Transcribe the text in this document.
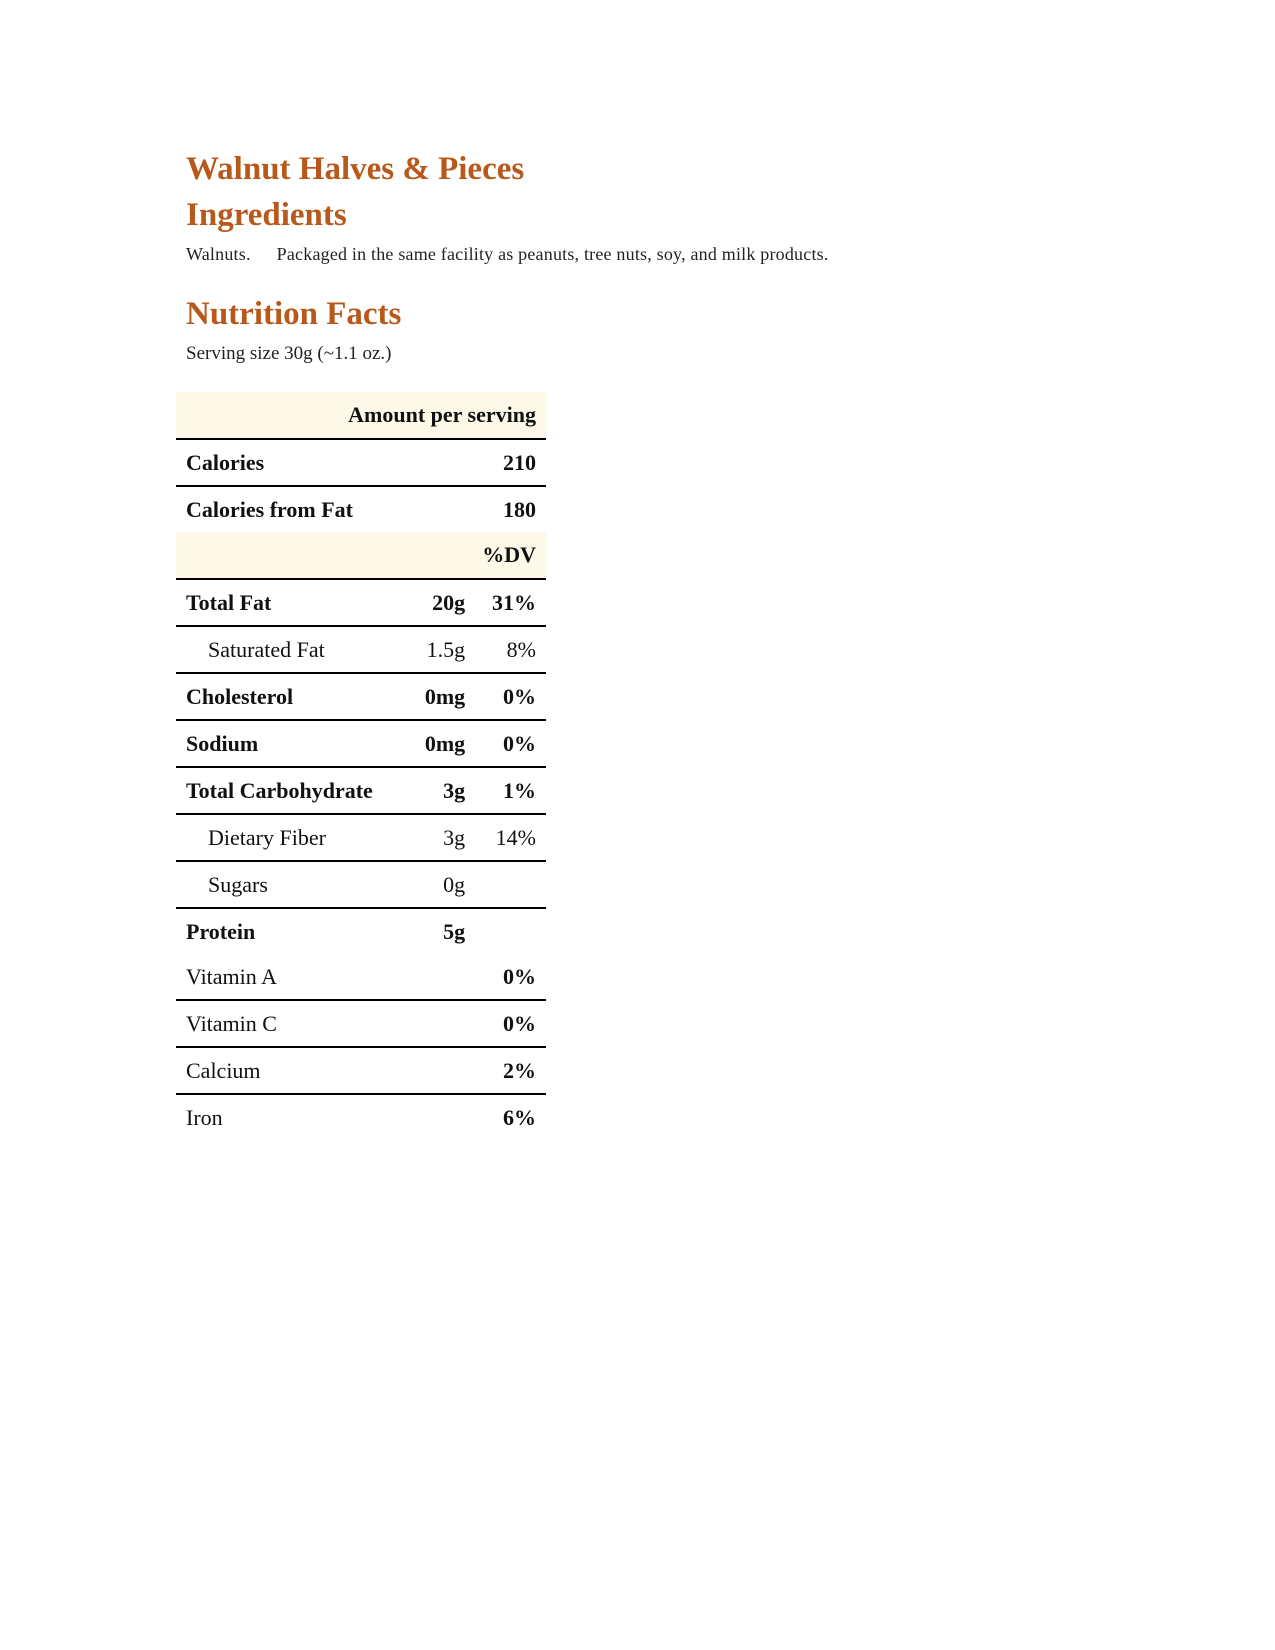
Walnut Halves & Pieces
Ingredients
Walnuts. Packaged in the same facility as peanuts, tree nuts, soy, and milk products.
Nutrition Facts
Serving size 30g (~1.1 oz.)
Amount per serving		
Calories		210
Calories from Fat		180
%DV		
Total Fat	20g	31%
Saturated Fat	1.5g	8%
Cholesterol	0mg	0%
Sodium	0mg	0%
Total Carbohydrate	3g	1%
Dietary Fiber	3g	14%
Sugars	0g	
Protein	5g	
Vitamin A		0%
Vitamin C		0%
Calcium		2%
Iron		6%
